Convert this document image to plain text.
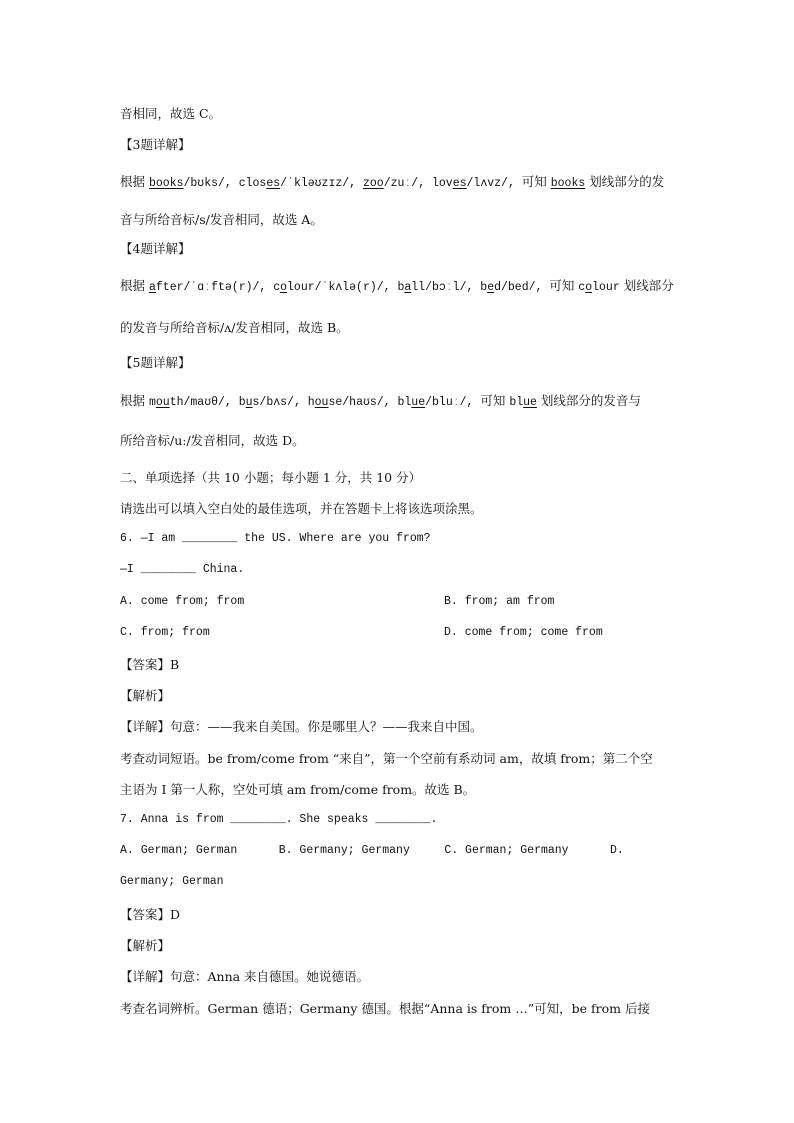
音相同，故选 C。
【3题详解】
根据 books/bʊks/, closes/ˈkləʊzɪz/, zoo/zuː/, loves/lʌvz/, 可知 books 划线部分的发
音与所给音标/s/发音相同，故选 A。
【4题详解】
根据 after/ˈɑːftə(r)/, colour/ˈkʌlə(r)/, ball/bɔːl/, bed/bed/, 可知 colour 划线部分
的发音与所给音标/ʌ/发音相同，故选 B。
【5题详解】
根据 mouth/maʊθ/, bus/bʌs/, house/haʊs/, blue/bluː/, 可知 blue 划线部分的发音与
所给音标/uː/发音相同，故选 D。
二、单项选择（共 10 小题；每小题 1 分，共 10 分）
请选出可以填入空白处的最佳选项，并在答题卡上将该选项涂黑。
6. —I am ________ the US. Where are you from?
—I ________ China.
A. come from; from	B. from; am from
C. from; from	D. come from; come from
【答案】B
【解析】
【详解】句意：——我来自美国。你是哪里人？——我来自中国。
考查动词短语。be from/come from “来自”，第一个空前有系动词 am，故填 from；第二个空
主语为 I 第一人称，空处可填 am from/come from。故选 B。
7. Anna is from ________. She speaks ________.
A. German; German      B. Germany; Germany     C. German; Germany      D.
Germany; German
【答案】D
【解析】
【详解】句意：Anna 来自德国。她说德语。
考查名词辨析。German 德语；Germany 德国。根据“Anna is from …”可知，be from 后接
